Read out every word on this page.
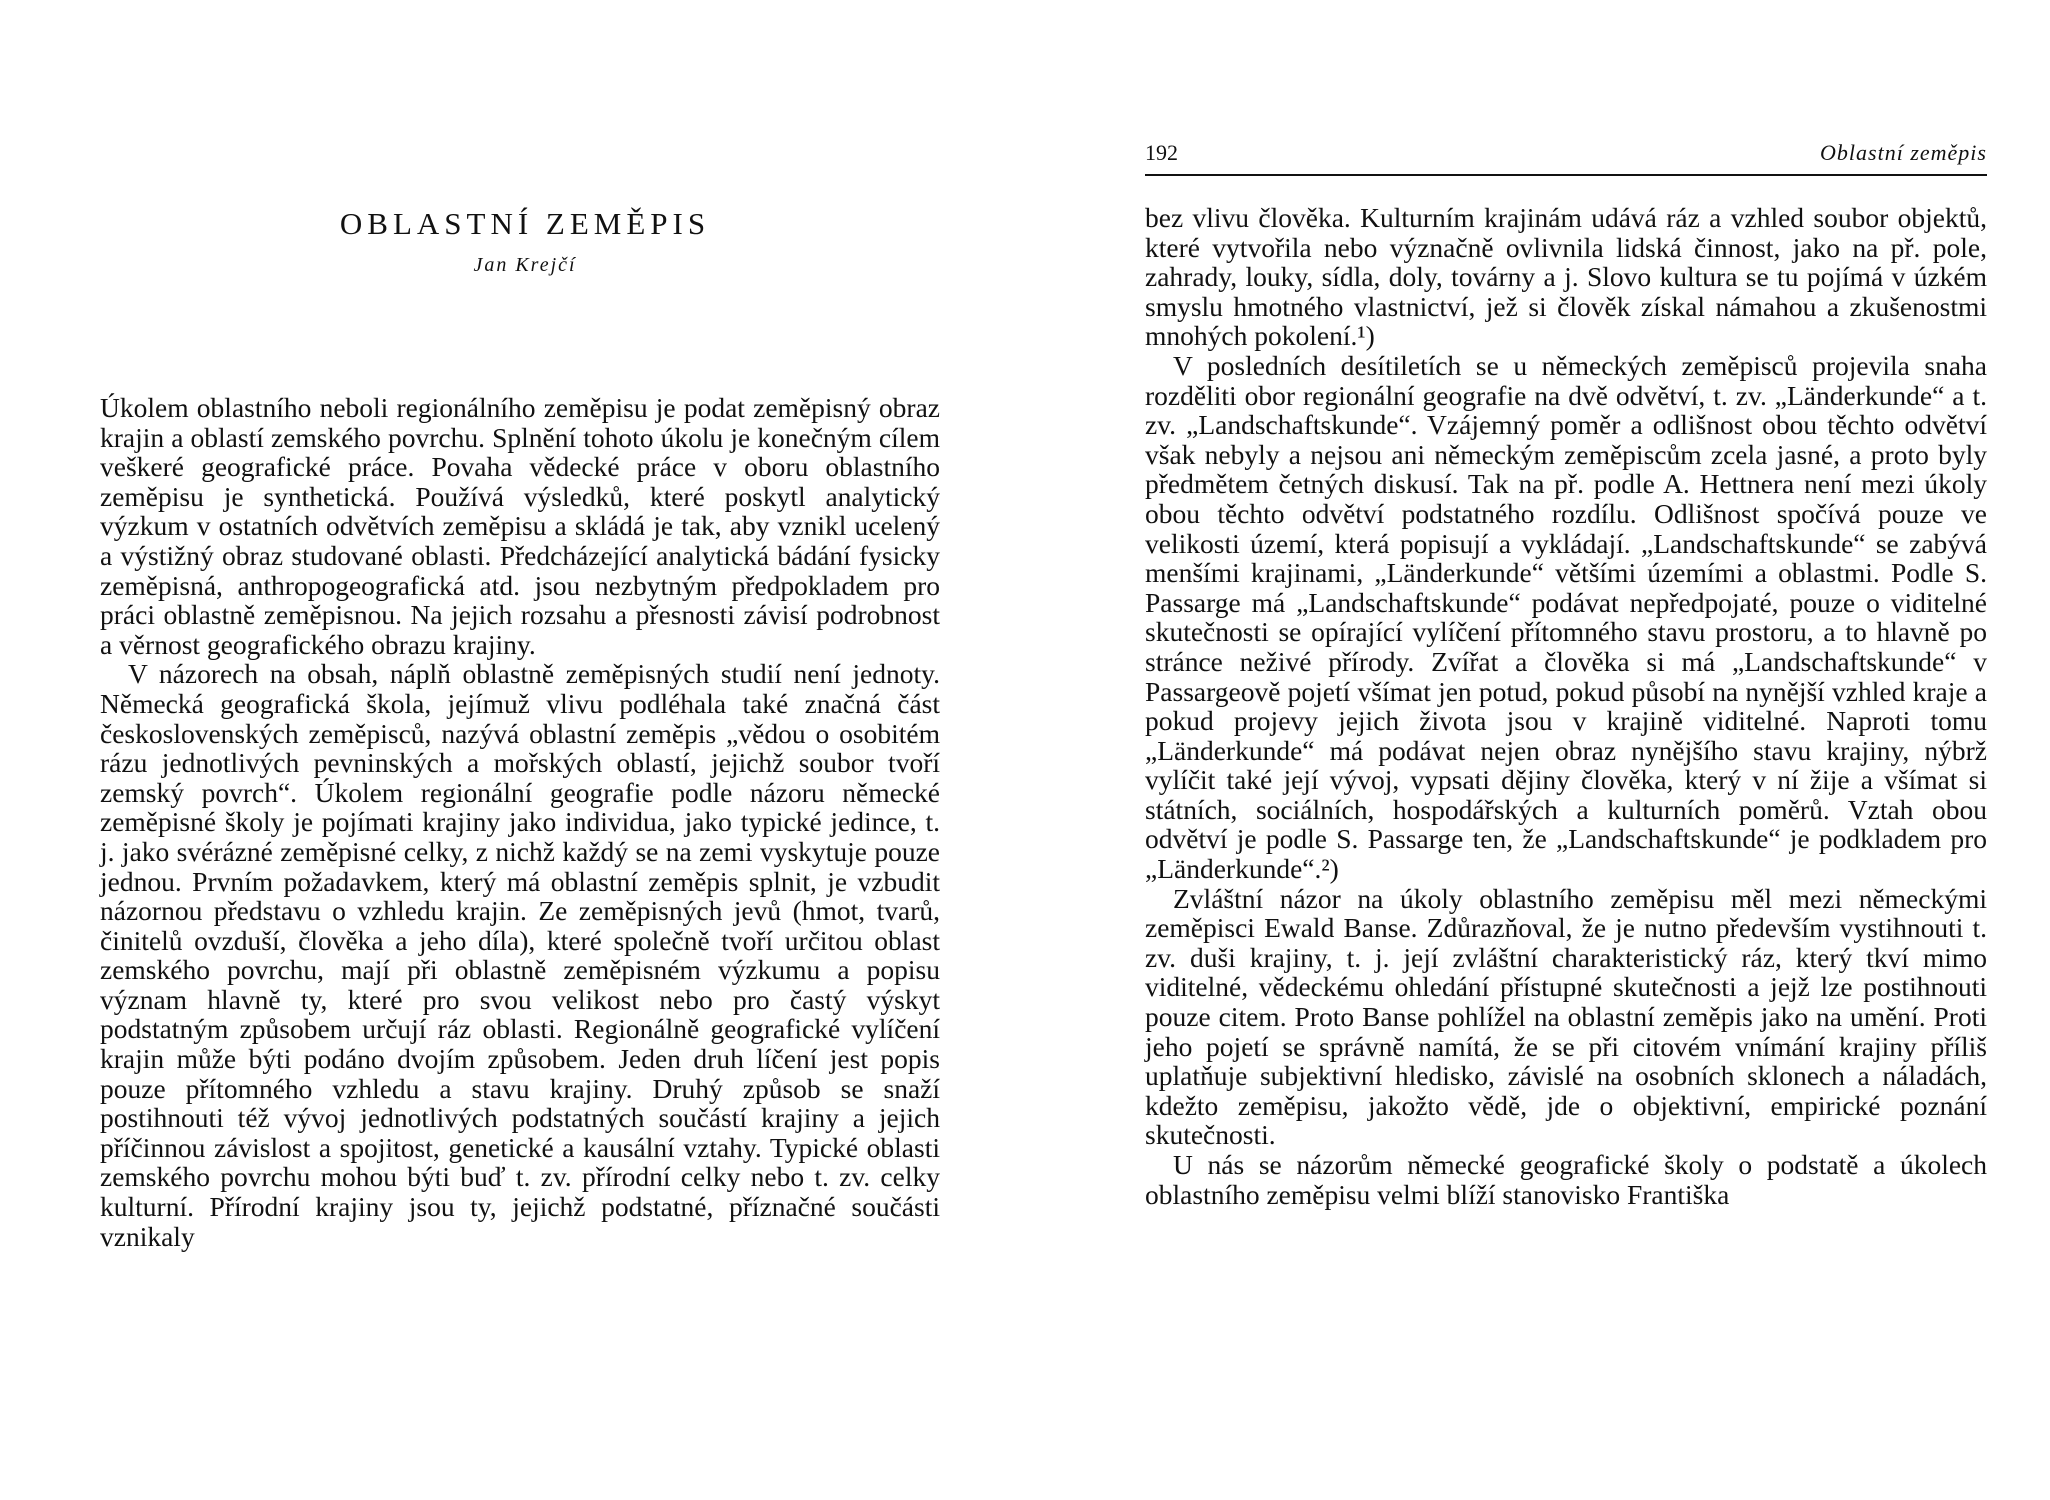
OBLASTNÍ ZEMĚPIS
Jan Krejčí

Úkolem oblastního neboli regionálního zeměpisu je podat zeměpisný obraz krajin a oblastí zemského povrchu. Splnění tohoto úkolu je konečným cílem veškeré geografické práce. Povaha vědecké práce v oboru oblastního zeměpisu je synthetická. Používá výsledků, které poskytl analytický výzkum v ostatních odvětvích zeměpisu a skládá je tak, aby vznikl ucelený a výstižný obraz studované oblasti. Předcházející analytická bádání fysicky zeměpisná, anthropogeografická atd. jsou nezbytným předpokladem pro práci oblastně zeměpisnou. Na jejich rozsahu a přesnosti závisí podrobnost a věrnost geografického obrazu krajiny.

V názorech na obsah, náplň oblastně zeměpisných studií není jednoty. Německá geografická škola, jejímuž vlivu podléhala také značná část československých zeměpisců, nazývá oblastní zeměpis „vědou o osobitém rázu jednotlivých pevninských a mořských oblastí, jejichž soubor tvoří zemský povrch“. Úkolem regionální geografie podle názoru německé zeměpisné školy je pojímati krajiny jako individua, jako typické jedince, t. j. jako svérázné zeměpisné celky, z nichž každý se na zemi vyskytuje pouze jednou. Prvním požadavkem, který má oblastní zeměpis splnit, je vzbudit názornou představu o vzhledu krajin. Ze zeměpisných jevů (hmot, tvarů, činitelů ovzduší, člověka a jeho díla), které společně tvoří určitou oblast zemského povrchu, mají při oblastně zeměpisném výzkumu a popisu význam hlavně ty, které pro svou velikost nebo pro častý výskyt podstatným způsobem určují ráz oblasti. Regionálně geografické vylíčení krajin může býti podáno dvojím způsobem. Jeden druh líčení jest popis pouze přítomného vzhledu a stavu krajiny. Druhý způsob se snaží postihnouti též vývoj jednotlivých podstatných součástí krajiny a jejich příčinnou závislost a spojitost, genetické a kausální vztahy. Typické oblasti zemského povrchu mohou býti buď t. zv. přírodní celky nebo t. zv. celky kulturní. Přírodní krajiny jsou ty, jejichž podstatné, příznačné součásti vznikaly

192	Oblastní zeměpis

bez vlivu člověka. Kulturním krajinám udává ráz a vzhled soubor objektů, které vytvořila nebo význačně ovlivnila lidská činnost, jako na př. pole, zahrady, louky, sídla, doly, továrny a j. Slovo kultura se tu pojímá v úzkém smyslu hmotného vlastnictví, jež si člověk získal námahou a zkušenostmi mnohých pokolení.¹)

V posledních desítiletích se u německých zeměpisců projevila snaha rozděliti obor regionální geografie na dvě odvětví, t. zv. „Länderkunde“ a t. zv. „Landschaftskunde“. Vzájemný poměr a odlišnost obou těchto odvětví však nebyly a nejsou ani německým zeměpiscům zcela jasné, a proto byly předmětem četných diskusí. Tak na př. podle A. Hettnera není mezi úkoly obou těchto odvětví podstatného rozdílu. Odlišnost spočívá pouze ve velikosti území, která popisují a vykládají. „Landschaftskunde“ se zabývá menšími krajinami, „Länderkunde“ většími územími a oblastmi. Podle S. Passarge má „Landschaftskunde“ podávat nepředpojaté, pouze o viditelné skutečnosti se opírající vylíčení přítomného stavu prostoru, a to hlavně po stránce neživé přírody. Zvířat a člověka si má „Landschaftskunde“ v Passargeově pojetí všímat jen potud, pokud působí na nynější vzhled kraje a pokud projevy jejich života jsou v krajině viditelné. Naproti tomu „Länderkunde“ má podávat nejen obraz nynějšího stavu krajiny, nýbrž vylíčit také její vývoj, vypsati dějiny člověka, který v ní žije a všímat si státních, sociálních, hospodářských a kulturních poměrů. Vztah obou odvětví je podle S. Passarge ten, že „Landschaftskunde“ je podkladem pro „Länderkunde“.²)

Zvláštní názor na úkoly oblastního zeměpisu měl mezi německými zeměpisci Ewald Banse. Zdůrazňoval, že je nutno především vystihnouti t. zv. duši krajiny, t. j. její zvláštní charakteristický ráz, který tkví mimo viditelné, vědeckému ohledání přístupné skutečnosti a jejž lze postihnouti pouze citem. Proto Banse pohlížel na oblastní zeměpis jako na umění. Proti jeho pojetí se správně namítá, že se při citovém vnímání krajiny příliš uplatňuje subjektivní hledisko, závislé na osobních sklonech a náladách, kdežto zeměpisu, jakožto vědě, jde o objektivní, empirické poznání skutečnosti.

U nás se názorům německé geografické školy o podstatě a úkolech oblastního zeměpisu velmi blíží stanovisko Františka
